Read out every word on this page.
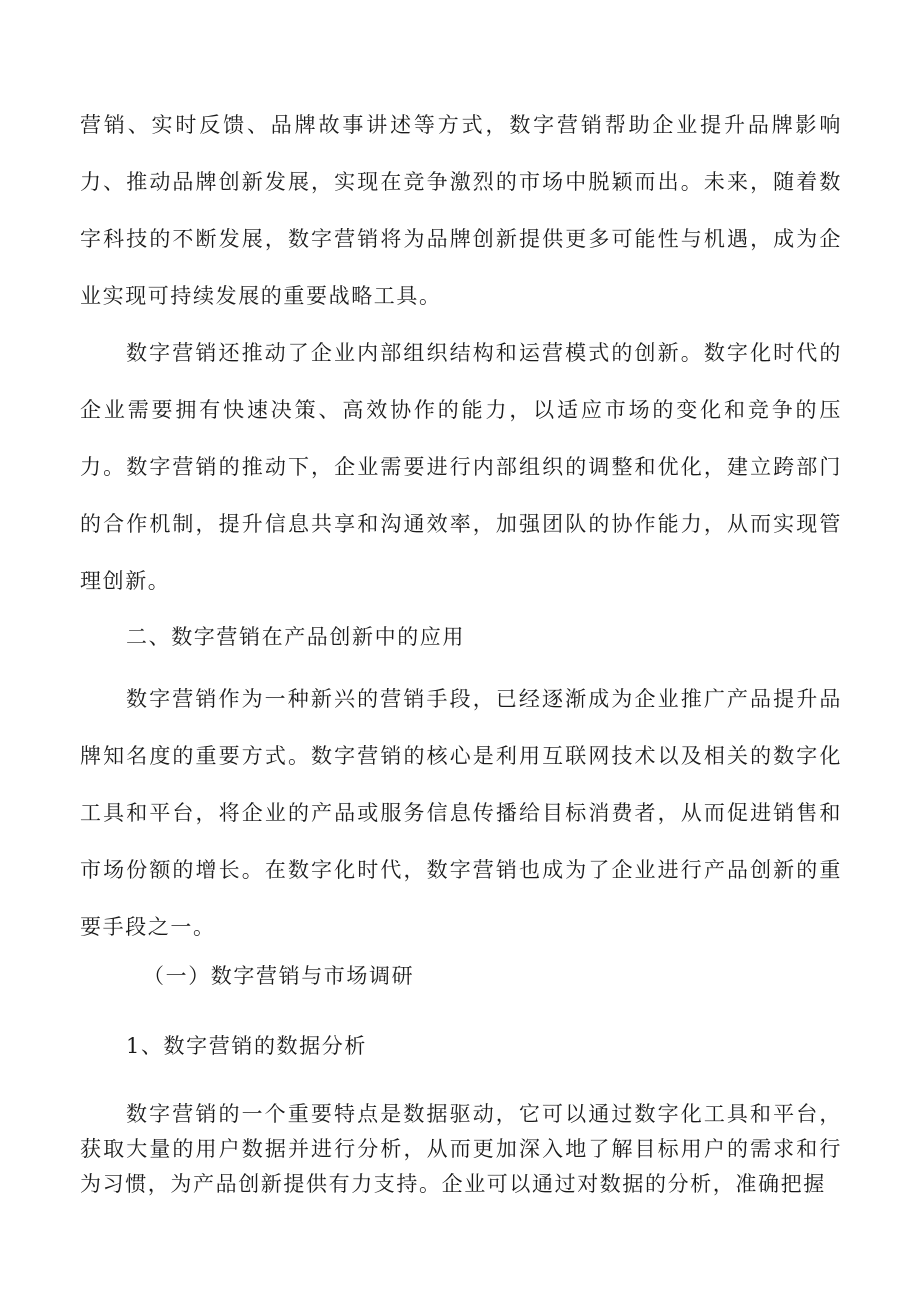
营销、实时反馈、品牌故事讲述等方式，数字营销帮助企业提升品牌影响力、推动品牌创新发展，实现在竞争激烈的市场中脱颖而出。未来，随着数字科技的不断发展，数字营销将为品牌创新提供更多可能性与机遇，成为企业实现可持续发展的重要战略工具。

数字营销还推动了企业内部组织结构和运营模式的创新。数字化时代的企业需要拥有快速决策、高效协作的能力，以适应市场的变化和竞争的压力。数字营销的推动下，企业需要进行内部组织的调整和优化，建立跨部门的合作机制，提升信息共享和沟通效率，加强团队的协作能力，从而实现管理创新。

二、数字营销在产品创新中的应用

数字营销作为一种新兴的营销手段，已经逐渐成为企业推广产品提升品牌知名度的重要方式。数字营销的核心是利用互联网技术以及相关的数字化工具和平台，将企业的产品或服务信息传播给目标消费者，从而促进销售和市场份额的增长。在数字化时代，数字营销也成为了企业进行产品创新的重要手段之一。

（一）数字营销与市场调研
1、数字营销的数据分析

数字营销的一个重要特点是数据驱动，它可以通过数字化工具和平台，获取大量的用户数据并进行分析，从而更加深入地了解目标用户的需求和行为习惯，为产品创新提供有力支持。企业可以通过对数据的分析，准确把握
